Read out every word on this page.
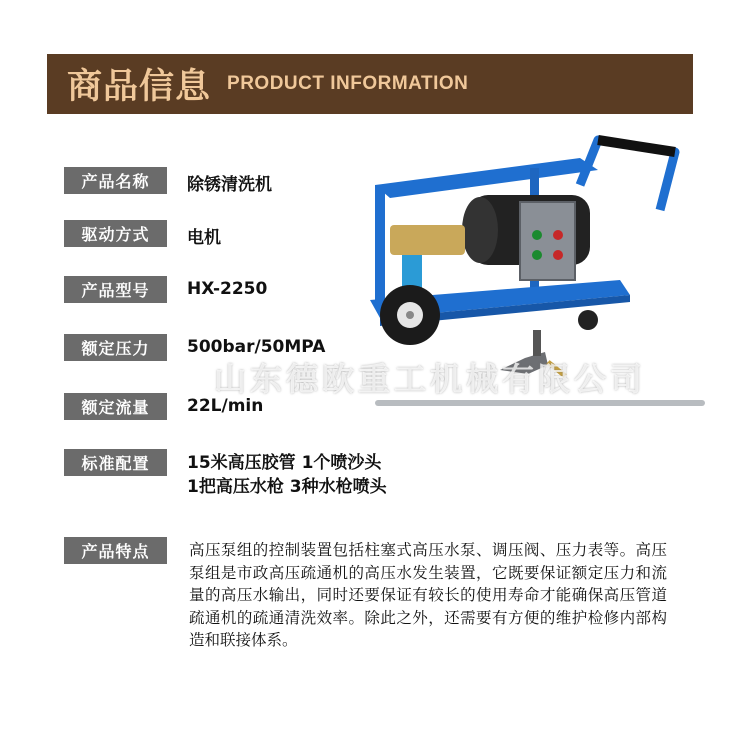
商品信息 PRODUCT INFORMATION
山东德欧重工机械有限公司
产品名称	除锈清洗机
驱动方式	电机
产品型号	HX-2250
额定压力	500bar/50MPA
额定流量	22L/min
标准配置	15米高压胶管 1个喷沙头
1把高压水枪 3种水枪喷头
产品特点	高压泵组的控制装置包括柱塞式高压水泵、调压阀、压力表等。高压泵组是市政高压疏通机的高压水发生装置，它既要保证额定压力和流量的高压水输出，同时还要保证有较长的使用寿命才能确保高压管道疏通机的疏通清洗效率。除此之外，还需要有方便的维护检修内部构造和联接体系。
